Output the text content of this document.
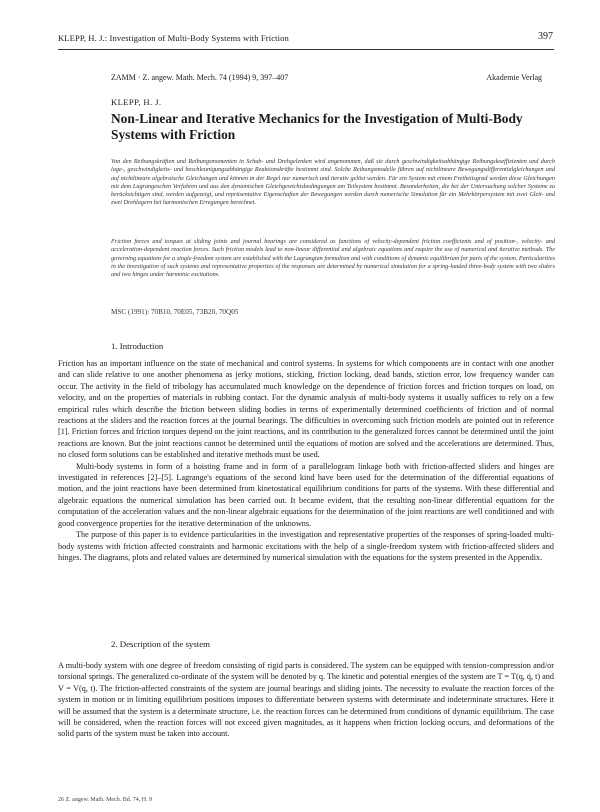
KLEPP, H. J.: Investigation of Multi-Body Systems with Friction	397
ZAMM · Z. angew. Math. Mech. 74 (1994) 9, 397–407	Akademie Verlag
KLEPP, H. J.
Non-Linear and Iterative Mechanics for the Investigation of Multi-Body Systems with Friction
Von den Reibungskräften und Reibungsmomenten in Schub- und Drehgelenken wird angenommen, daß sie durch geschwindigkeitsabhängige Reibungskoeffizienten und durch lage-, geschwindigkeits- und beschleunigungsabhängige Reaktionskräfte bestimmt sind. Solche Reibungsmodelle führen auf nichtlineare Bewegungsdifferentialgleichungen und auf nichtlineare algebraische Gleichungen und können in der Regel nur numerisch und iterativ gelöst werden. Für ein System mit einem Freiheitsgrad werden diese Gleichungen mit dem Lagrangeschen Verfahren und aus den dynamischen Gleichgewichtsbedingungen am Teilsystem bestimmt. Besonderheiten, die bei der Untersuchung solcher Systeme zu berücksichtigen sind, werden aufgezeigt, und repräsentative Eigenschaften der Bewegungen werden durch numerische Simulation für ein Mehrkörpersystem mit zwei Gleit- und zwei Drehlagern bei harmonischen Erregungen berechnet.
Friction forces and torques at sliding joints and journal bearings are considered as functions of velocity-dependent friction coefficients and of position-, velocity- and acceleration-dependent reaction forces. Such friction models lead to non-linear differential and algebraic equations and require the use of numerical and iterative methods. The governing equations for a single-freedom system are established with the Lagrangian formalism and with conditions of dynamic equilibrium for parts of the system. Particularities in the investigation of such systems and representative properties of the responses are determined by numerical simulation for a spring-loaded three-body system with two sliders and two hinges under harmonic excitations.
MSC (1991): 70B10, 70E05, 73B20, 70Q05
1. Introduction

Friction has an important influence on the state of mechanical and control systems. In systems for which components are in contact with one another and can slide relative to one another phenomena as jerky motions, sticking, friction locking, dead bands, stiction error, low frequency wander can occur. The activity in the field of tribology has accumulated much knowledge on the dependence of friction forces and friction torques on load, on velocity, and on the properties of materials in rubbing contact. For the dynamic analysis of multi-body systems it usually suffices to rely on a few empirical rules which describe the friction between sliding bodies in terms of experimentally determined coefficients of friction and of normal reactions at the sliders and the reaction forces at the journal bearings. The difficulties in overcoming such friction models are pointed out in reference [1]. Friction forces and friction torques depend on the joint reactions, and its contribution to the generalized forces cannot be determined until the joint reactions are known. But the joint reactions cannot be determined until the equations of motion are solved and the accelerations are determined. Thus, no closed form solutions can be established and iterative methods must be used.

Multi-body systems in form of a hoisting frame and in form of a parallelogram linkage both with friction-affected sliders and hinges are investigated in references [2]–[5]. Lagrange's equations of the second kind have been used for the determination of the differential equations of motion, and the joint reactions have been determined from kinetostatical equilibrium conditions for parts of the systems. With these differential and algebraic equations the numerical simulation has been carried out. It became evident, that the resulting non-linear differential equations for the computation of the acceleration values and the non-linear algebraic equations for the determination of the joint reactions are well conditioned and with good convergence properties for the iterative determination of the unknowns.

The purpose of this paper is to evidence particularities in the investigation and representative properties of the responses of spring-loaded multi-body systems with friction affected constraints and harmonic excitations with the help of a single-freedom system with friction-affected sliders and hinges. The diagrams, plots and related values are determined by numerical simulation with the equations for the system presented in the Appendix.

2. Description of the system

A multi-body system with one degree of freedom consisting of rigid parts is considered. The system can be equipped with tension-compression and/or torsional springs. The generalized co-ordinate of the system will be denoted by q. The kinetic and potential energies of the system are T = T(q, q̇, t) and V = V(q, t). The friction-affected constraints of the system are journal bearings and sliding joints. The necessity to evaluate the reaction forces of the system in motion or in limiting equilibrium positions imposes to differentiate between systems with determinate and indeterminate structures. Here it will be assumed that the system is a determinate structure, i.e. the reaction forces can be determined from conditions of dynamic equilibrium. The case will be considered, when the reaction forces will not exceed given magnitudes, as it happens when friction locking occurs, and deformations of the solid parts of the system must be taken into account.

26 Z. angew. Math. Mech. Bd. 74, H. 9
